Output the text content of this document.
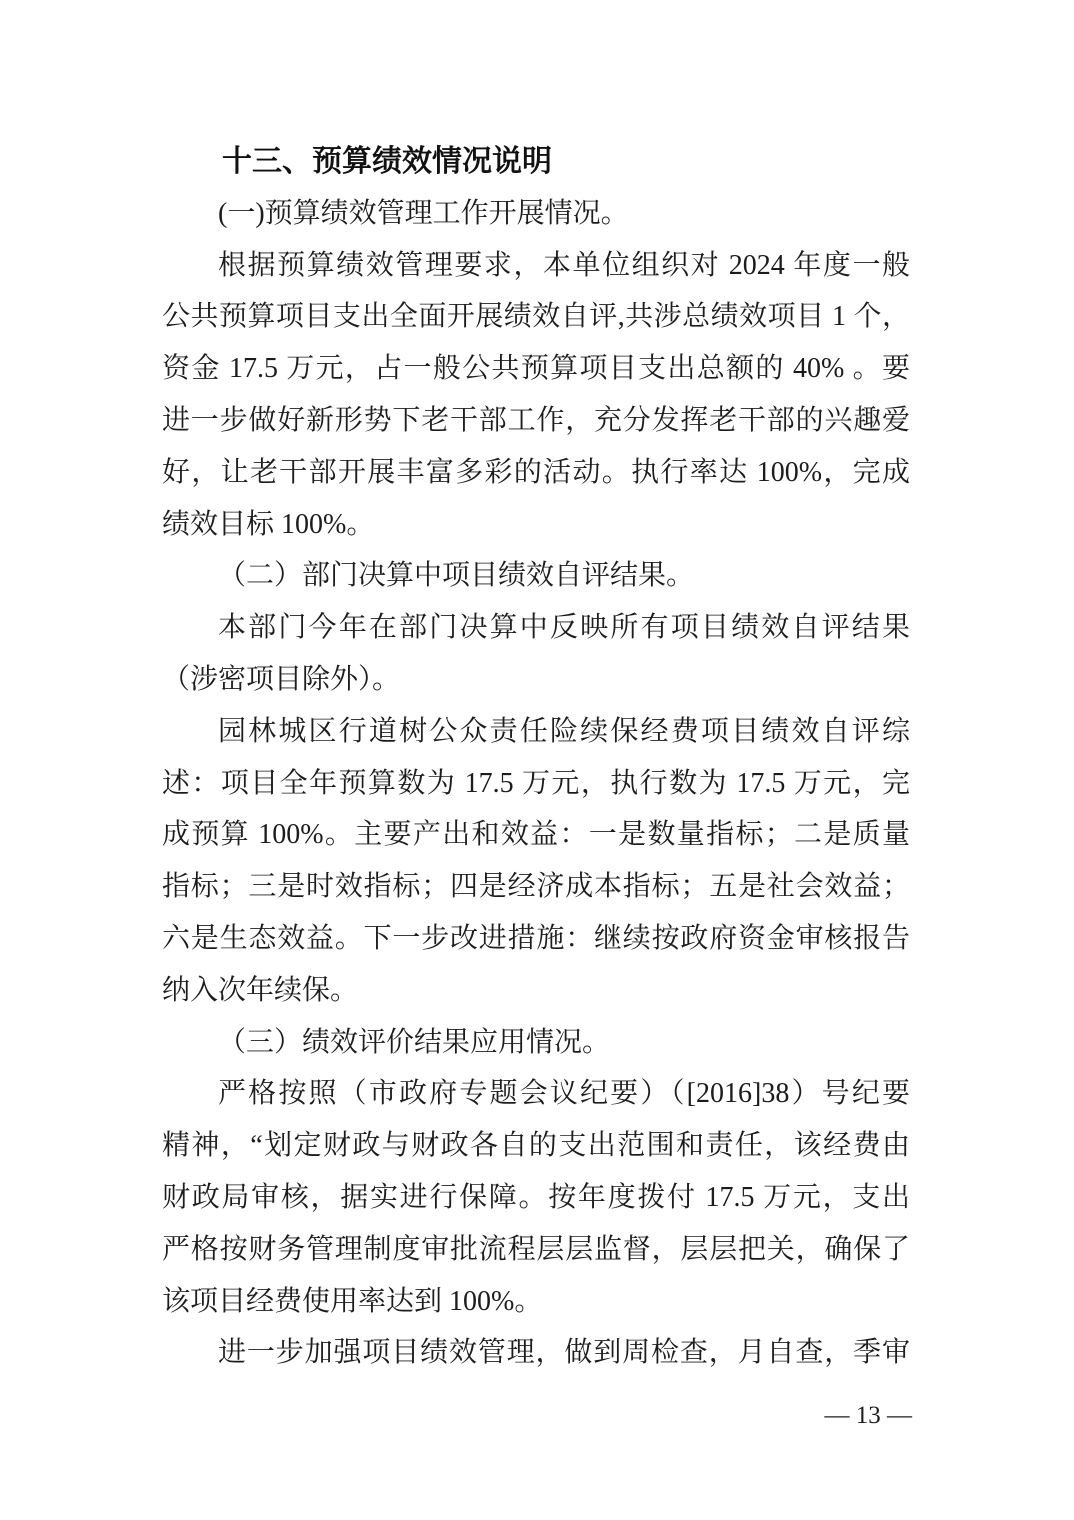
十三、预算绩效情况说明
(一)预算绩效管理工作开展情况。
根据预算绩效管理要求，本单位组织对 2024 年度一般
公共预算项目支出全面开展绩效自评,共涉总绩效项目 1 个，
资金 17.5 万元，占一般公共预算项目支出总额的 40% 。要
进一步做好新形势下老干部工作，充分发挥老干部的兴趣爱
好，让老干部开展丰富多彩的活动。执行率达 100%，完成
绩效目标 100%。
（二）部门决算中项目绩效自评结果。
本部门今年在部门决算中反映所有项目绩效自评结果
（涉密项目除外）。
园林城区行道树公众责任险续保经费项目绩效自评综
述：项目全年预算数为 17.5 万元，执行数为 17.5 万元，完
成预算 100%。主要产出和效益：一是数量指标；二是质量
指标；三是时效指标；四是经济成本指标；五是社会效益；
六是生态效益。下一步改进措施：继续按政府资金审核报告
纳入次年续保。
（三）绩效评价结果应用情况。
严格按照（市政府专题会议纪要）（[2016]38）号纪要
精神，“划定财政与财政各自的支出范围和责任，该经费由
财政局审核，据实进行保障。按年度拨付 17.5 万元，支出
严格按财务管理制度审批流程层层监督，层层把关，确保了
该项目经费使用率达到 100%。
进一步加强项目绩效管理，做到周检查，月自查，季审
— 13 —
